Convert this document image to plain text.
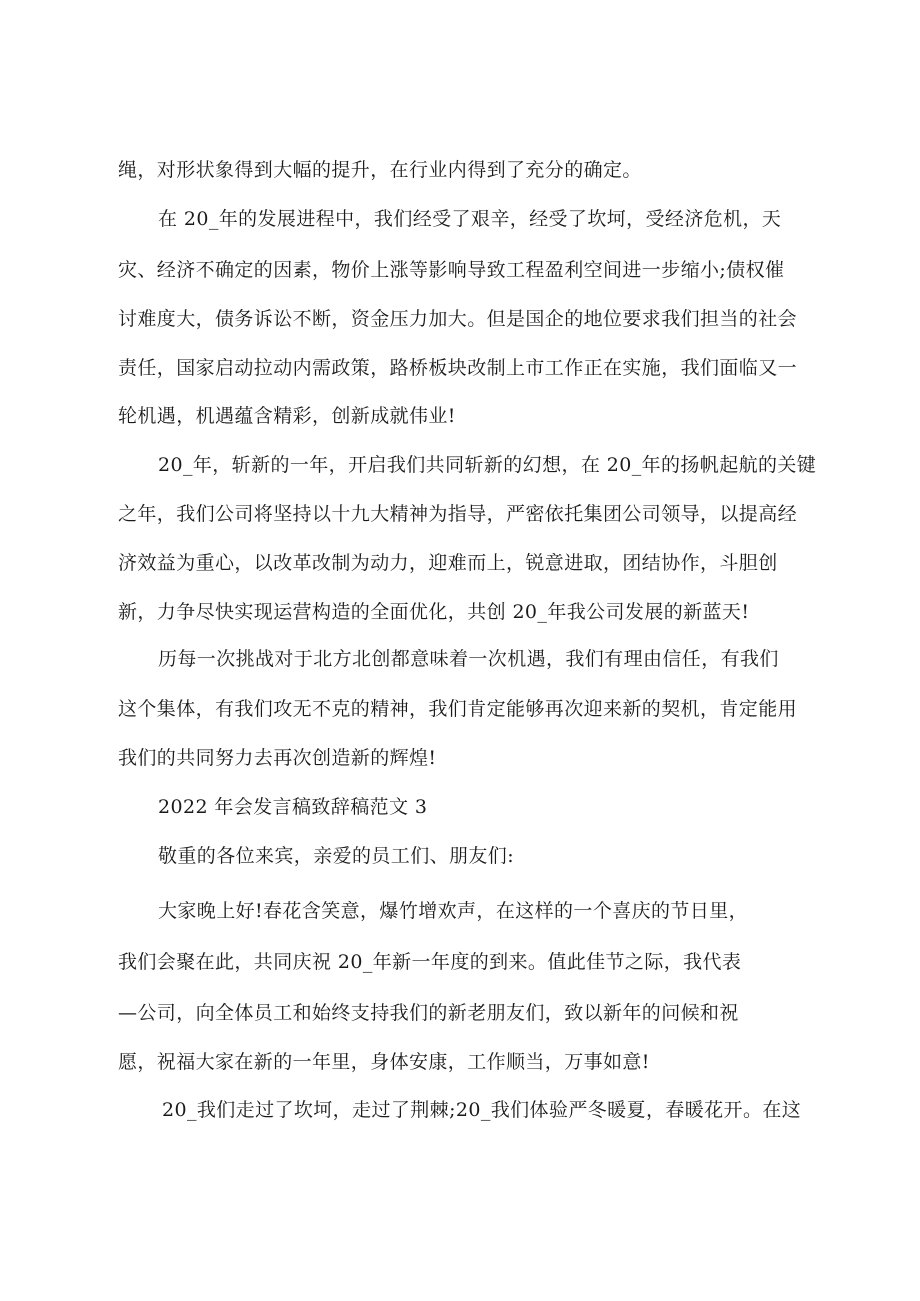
绳，对形状象得到大幅的提升，在行业内得到了充分的确定。
在 20_年的发展进程中，我们经受了艰辛，经受了坎坷，受经济危机，天
灾、经济不确定的因素，物价上涨等影响导致工程盈利空间进一步缩小;债权催
讨难度大，债务诉讼不断，资金压力加大。但是国企的地位要求我们担当的社会
责任，国家启动拉动内需政策，路桥板块改制上市工作正在实施，我们面临又一
轮机遇，机遇蕴含精彩，创新成就伟业!
20_年，斩新的一年，开启我们共同斩新的幻想，在 20_年的扬帆起航的关键
之年，我们公司将坚持以十九大精神为指导，严密依托集团公司领导，以提高经
济效益为重心，以改革改制为动力，迎难而上，锐意进取，团结协作，斗胆创
新，力争尽快实现运营构造的全面优化，共创 20_年我公司发展的新蓝天!
历每一次挑战对于北方北创都意味着一次机遇，我们有理由信任，有我们
这个集体，有我们攻无不克的精神，我们肯定能够再次迎来新的契机，肯定能用
我们的共同努力去再次创造新的辉煌!
2022 年会发言稿致辞稿范文 3
敬重的各位来宾，亲爱的员工们、朋友们:
大家晚上好!春花含笑意，爆竹增欢声，在这样的一个喜庆的节日里，
我们会聚在此，共同庆祝 20_年新一年度的到来。值此佳节之际，我代表
—公司，向全体员工和始终支持我们的新老朋友们，致以新年的问候和祝
愿，祝福大家在新的一年里，身体安康，工作顺当，万事如意!
20_我们走过了坎坷，走过了荆棘;20_我们体验严冬暖夏，春暖花开。在这
